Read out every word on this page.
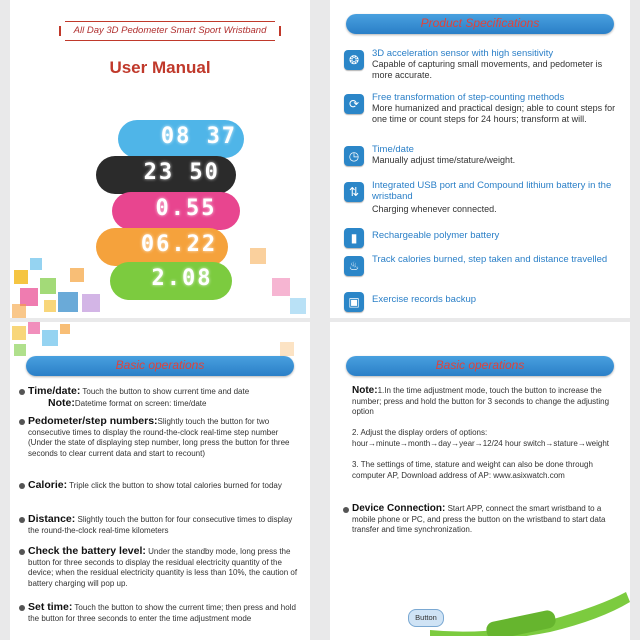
All Day 3D Pedometer Smart Sport Wristband
User Manual
08 37
23 50
0.55
06.22
2.08
Product Specifications
❂	3D acceleration sensor with high sensitivity
Capable of capturing small movements, and pedometer is more accurate.
⟳	Free transformation of step-counting methods
More humanized and practical design; able to count steps for one time or count steps for 24 hours; transform at will.
◷	Time/date
Manually adjust time/stature/weight.
⇅	Integrated USB port and Compound lithium battery in the wristband
Charging whenever connected.
▮	Rechargeable polymer battery
♨	Track calories burned, step taken and distance travelled
▣	Exercise records backup
Basic operations
Time/date: Touch the button to show current time and date
Note:Datetime format on screen: time/date
Pedometer/step numbers:Slightly touch the button for two consecutive times to display the round-the-clock real-time step number (Under the state of displaying step number, long press the button for three seconds to clear current data and start to recount)
Calorie: Triple click the button to show total calories burned for today
Distance: Slightly touch the button for four consecutive times to display the round-the-clock real-time kilometers
Check the battery level: Under the standby mode, long press the button for three seconds to display the residual electricity quantity of the device; when the residual electricity quantity is less than 10%, the caution of battery charging will pop up.
Set time: Touch the button to show the current time; then press and hold the button for three seconds to enter the time adjustment mode
Basic operations
Note:1.In the time adjustment mode, touch the button to increase the number; press and hold the button for 3 seconds to change the adjusting option
2. Adjust the display orders of options: hour→minute→month→day→year→12/24 hour switch→stature→weight
3. The settings of time, stature and weight can also be done through computer AP, Download address of AP: www.asixwatch.com
Device Connection: Start APP, connect the smart wristband to a mobile phone or PC, and press the button on the wristband to start data transfer and time synchronization.
22:50
Button
